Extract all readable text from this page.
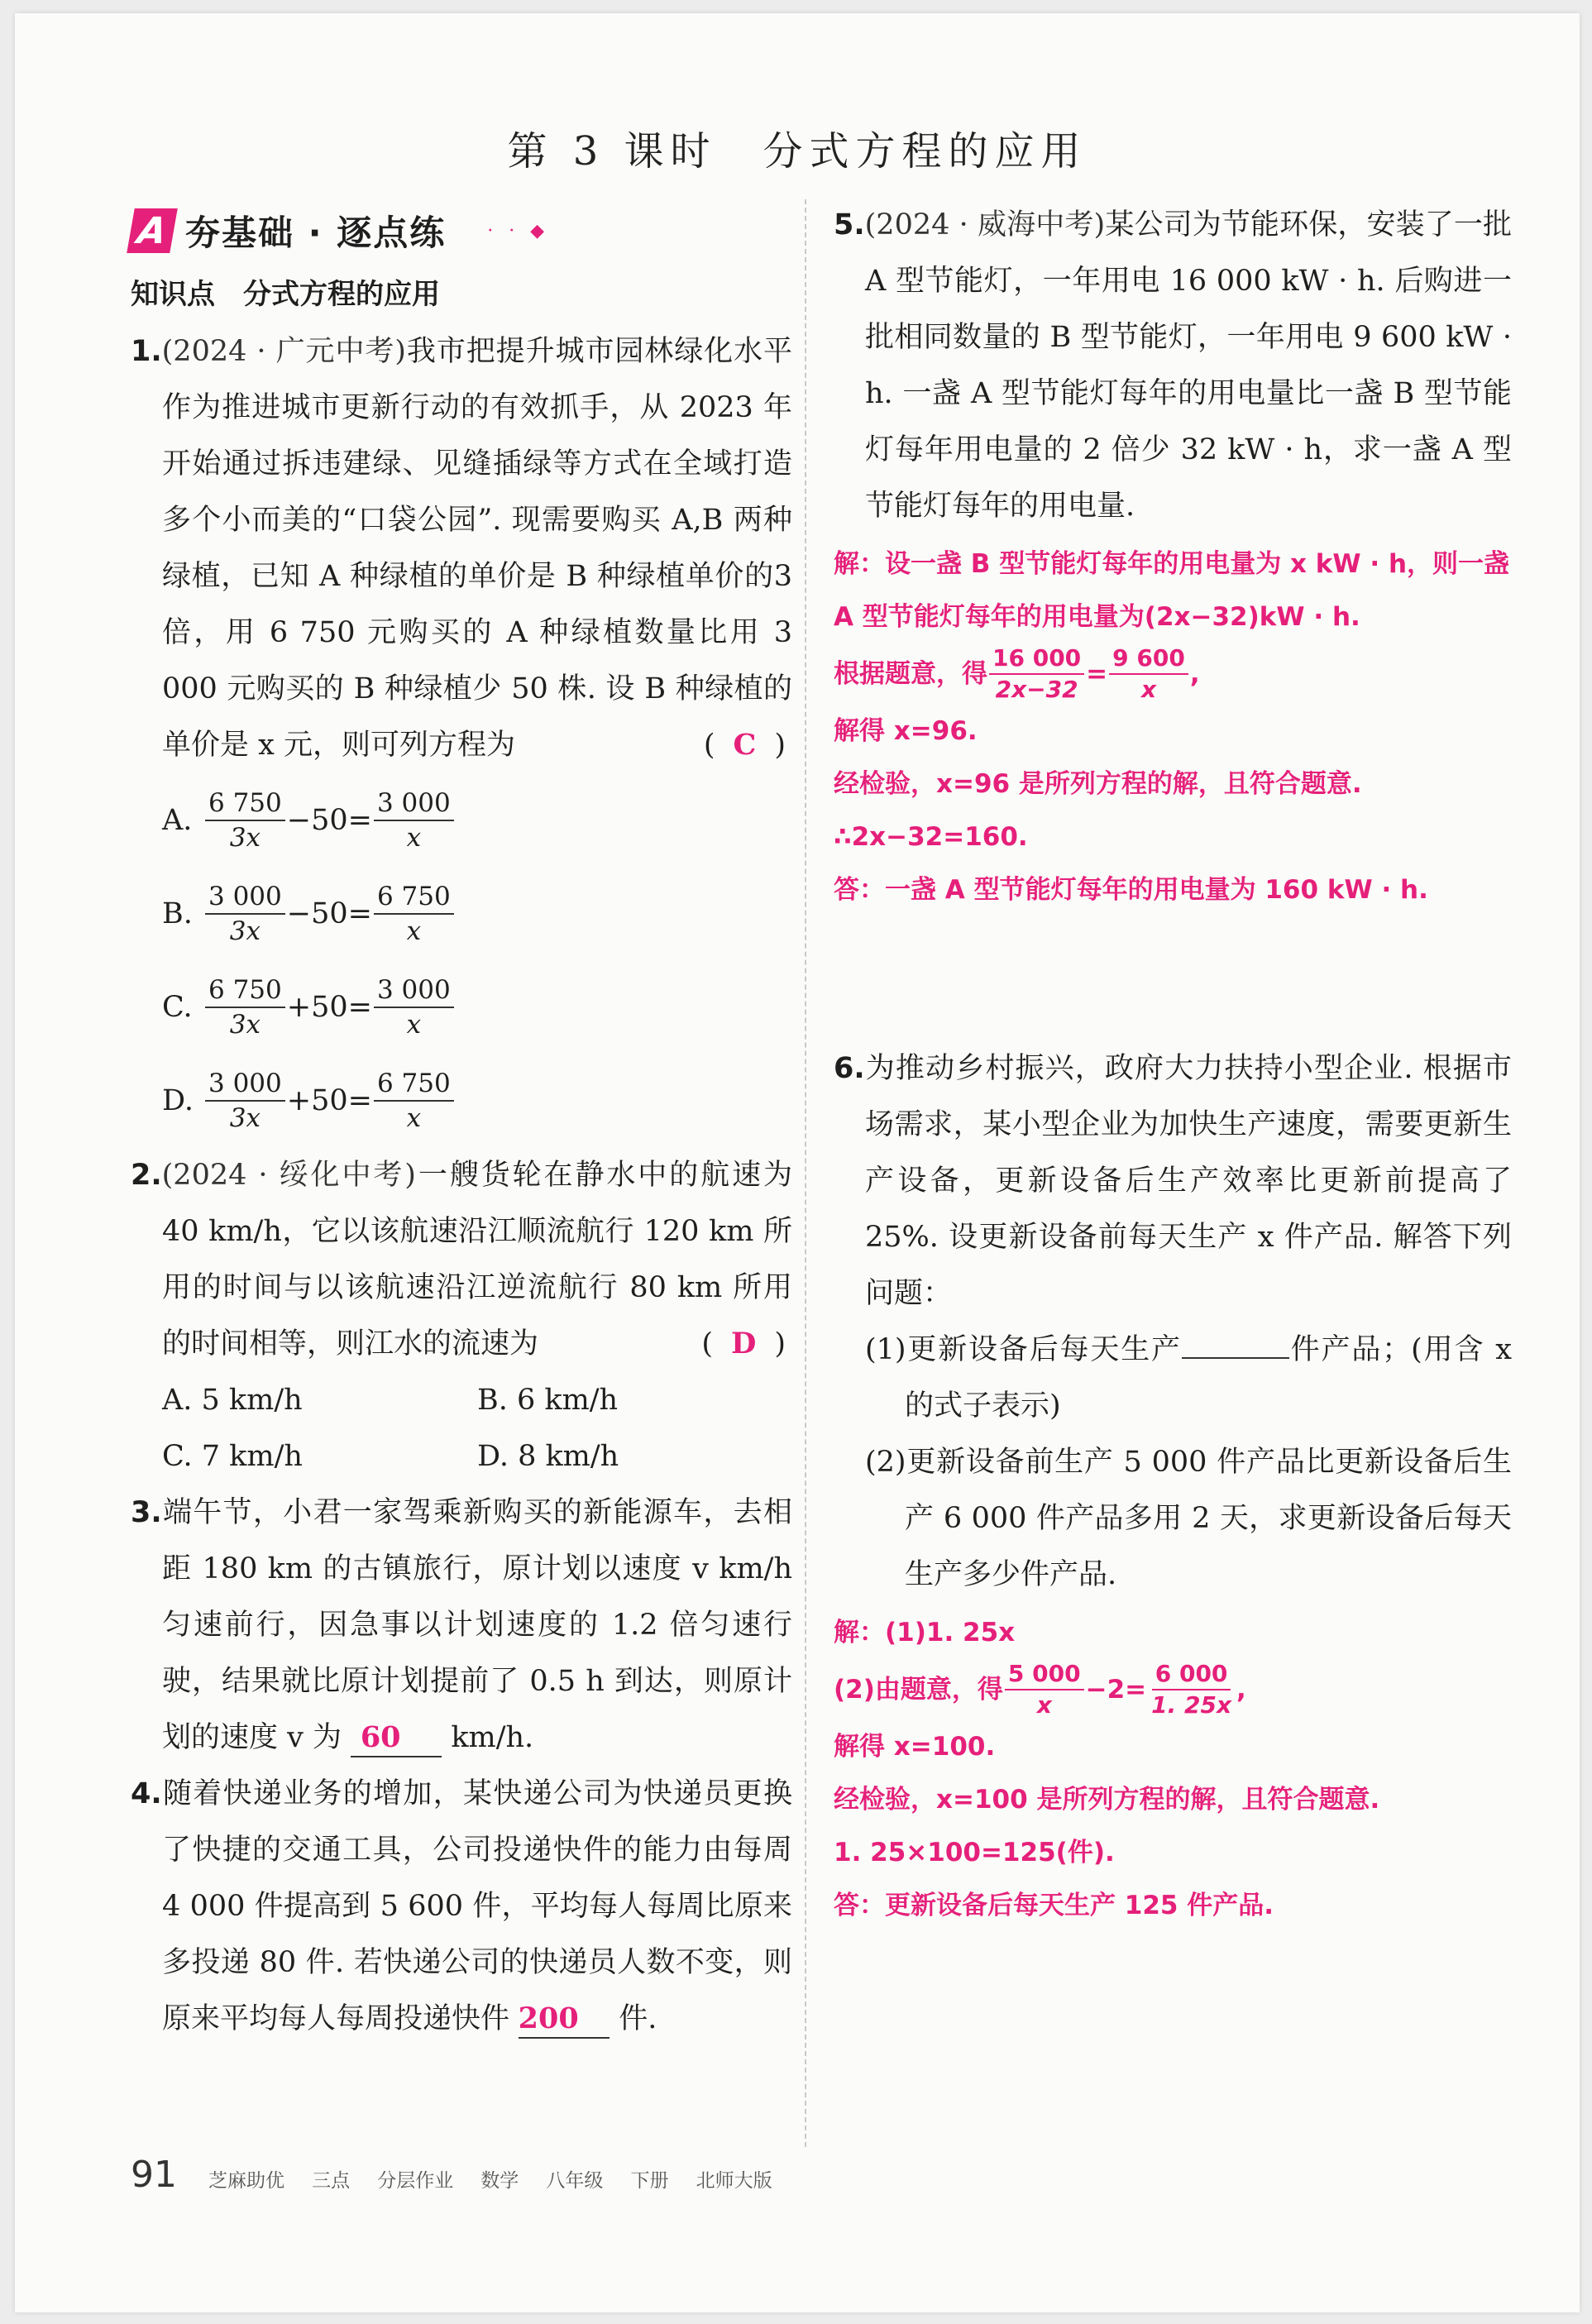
第 3 课时　分式方程的应用
A 夯基础 · 逐点练 · · ◆
知识点 分式方程的应用
1.(2024 · 广元中考)我市把提升城市园林绿化水平作为推进城市更新行动的有效抓手，从 2023 年开始通过拆违建绿、见缝插绿等方式在全域打造多个小而美的“口袋公园”. 现需要购买 A,B 两种绿植，已知 A 种绿植的单价是 B 种绿植单价的3 倍，用 6 750 元购买的 A 种绿植数量比用 3 000 元购买的 B 种绿植少 50 株. 设 B 种绿植的单价是 x 元，则可列方程为	( C )
A. $\frac{6 750}{3x} -50= \frac{3 000}{x}$
B. $\frac{3 000}{3x} -50= \frac{6 750}{x}$
C. $\frac{6 750}{3x} +50= \frac{3 000}{x}$
D. $\frac{3 000}{3x} +50= \frac{6 750}{x}$
2.(2024 · 绥化中考)一艘货轮在静水中的航速为 40 km/h，它以该航速沿江顺流航行 120 km 所用的时间与以该航速沿江逆流航行 80 km 所用的时间相等，则江水的流速为	( D )
A. 5 km/h	B. 6 km/h
C. 7 km/h	D. 8 km/h
3.端午节，小君一家驾乘新购买的新能源车，去相距 180 km 的古镇旅行，原计划以速度 v km/h匀速前行，因急事以计划速度的 1.2 倍匀速行驶，结果就比原计划提前了 0.5 h 到达，则原计划的速度 v 为 60 km/h.
4.随着快递业务的增加，某快递公司为快递员更换了快捷的交通工具，公司投递快件的能力由每周 4 000 件提高到 5 600 件，平均每人每周比原来多投递 80 件. 若快递公司的快递员人数不变，则原来平均每人每周投递快件 200 件.
5.(2024 · 威海中考)某公司为节能环保，安装了一批 A 型节能灯，一年用电 16 000 kW · h. 后购进一批相同数量的 B 型节能灯，一年用电 9 600 kW · h. 一盏 A 型节能灯每年的用电量比一盏 B 型节能灯每年用电量的 2 倍少 32 kW · h，求一盏 A 型节能灯每年的用电量.
解：设一盏 B 型节能灯每年的用电量为 x kW · h，则一盏 A 型节能灯每年的用电量为(2x−32)kW · h.
根据题意，得 $\frac{16 000}{2x-32} = \frac{9 600}{x}$ ,
解得 x=96.
经检验，x=96 是所列方程的解，且符合题意.
∴2x−32=160.
答：一盏 A 型节能灯每年的用电量为 160 kW · h.
6.为推动乡村振兴，政府大力扶持小型企业. 根据市场需求，某小型企业为加快生产速度，需要更新生产设备，更新设备后生产效率比更新前提高了 25%. 设更新设备前每天生产 x 件产品. 解答下列问题：
(1)更新设备后每天生产	件产品；(用含 x 的式子表示)
(2)更新设备前生产 5 000 件产品比更新设备后生产 6 000 件产品多用 2 天，求更新设备后每天生产多少件产品.
解：(1)1. 25x
(2)由题意，得 $\frac{5 000}{x} -2= \frac{6 000}{1. 25x}$ ,
解得 x=100.
经检验，x=100 是所列方程的解，且符合题意.
1. 25×100=125(件).
答：更新设备后每天生产 125 件产品.
91 芝麻助优 三点 分层作业 数学 八年级 下册 北师大版
